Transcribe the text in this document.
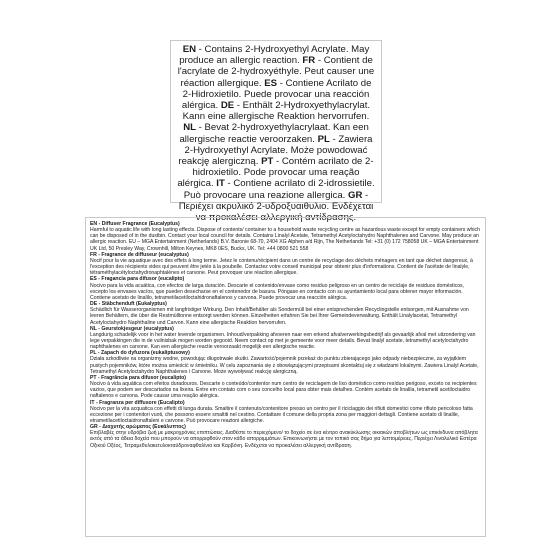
EN - Contains 2-Hydroxyethyl Acrylate. May produce an allergic reaction. FR - Contient de l'acrylate de 2-hydroxyéthyle. Peut causer une réaction allergique. ES - Contiene Acrilato de 2-Hidroxietilo. Puede provocar una reacción alérgica. DE - Enthält 2-Hydroxyethylacrylat. Kann eine allergische Reaktion hervorrufen. NL - Bevat 2-hydroxyethylacrylaat. Kan een allergische reactie veroorzaken. PL - Zawiera 2-Hydroxyethyl Acrylate. Może powodować reakcję alergiczną. PT - Contém acrilato de 2-hidroxietilo. Pode provocar uma reação alérgica. IT - Contiene acrilato di 2-idrossietile. Può provocare una reazione allergica. GR - Περιέχει ακρυλικό 2-υδροξυαιθυλιο. Ενδέχεται να προκαλέσει αλλεργική αντίδρασης.
EN - Diffuser Fragrance (Eucalyptus)
Harmful to aquatic life with long lasting effects. Dispose of contents/ container to a household waste recycling centre as hazardous waste except for empty containers which can be disposed of in the dustbin. Contact your local council for details. Contains Linalyl Acetate, Tetramethyl Acetyloctahydro Naphthalenes and Carvone. May produce an allergic reaction. EU – MGA Entertainment (Netherlands) B.V. Baronie 68-70, 2404 XG Alphen a/d Rijn, The Netherlands Tel: +31 (0) 172 758058 UK – MGA Entertainment UK Ltd, 50 Presley Way, Crownhill, Milton Keynes, MK8 0ES, Bucks, UK. Tel: +44 0800 521 558
FR - Fragrance de diffuseur (eucalyptus)
Nocif pour la vie aquatique avec des effets à long terme. Jetez le contenu/récipient dans un centre de recyclage des déchets ménagers en tant que déchet dangereux, à l'exception des récipients vides qui peuvent être jetés à la poubelle. Contactez votre conseil municipal pour obtenir plus d'informations. Contient de l'acétate de linalyle, tétraméthylacétyloctahydronaphtalènes et carvone. Peut provoquer une réaction allergique.
ES - Fragancia para difusor (eucalipto)
Nocivo para la vida acuática, con efectos de larga duración. Descarte el contenido/envase como residuo peligroso en un centro de reciclaje de residuos domésticos, excepto los envases vacíos, que pueden desecharse en el contenedor de basura. Póngase en contacto con su ayuntamiento local para obtener mayor información. Contiene acetato de linalilo, tetrametilacetiloctahidronaftalenos y carvona. Puede provocar una reacción alérgica.
DE - Stäbchenduft (Eukalyptus)
Schädlich für Wasserorganismen mit langfristiger Wirkung. Den Inhalt/Behälter als Sondermüll bei einer entsprechenden Recyclingstelle entsorgen, mit Ausnahme von leeren Behältern, die über die Restmülltonne entsorgt werden können. Einzelheiten erfahren Sie bei Ihrer Gemeindeverwaltung. Enthält Linalylacetat, Tetramethyl Acetyloctahydro Naphthaline und Carvon. Kann eine allergische Reaktion hervorrufen.
NL - Geurstokjesgeur (eucalyptus)
Langdurig schadelijk voor in het water levende organismen. Inhoud/verpakking afvoeren naar een erkend afvalverwerkingsbedrijf als gevaarlijk afval met uitzondering van lege verpakkingen die in de vuilnisbak mogen worden gegooid. Neem contact op met je gemeente voor meer details. Bevat linalyl acetate, tetramethyl acetyloctahydro naphthalenes en carvone. Kan een allergische reactie veroorzaakt mogelijk een allergische reactie.
PL - Zapach do dyfuzora (eukaliptusowy)
Działa szkodliwie na organizmy wodne, powodując długotrwałe skutki. Zawartość/pojemnik przekaż do punktu zbierającego jako odpady niebezpieczne, za wyjątkiem pustych pojemników, które można umieścić w śmietniku. W celu zapoznania się z obowiązującymi przepisami skontaktuj się z władzami lokalnymi. Zawiera Linalyl Acetate, Tetramethyl Acetyloctahydro Naphthalenes i Carvone. Może wywoływać reakcję alergiczną.
PT - Fragrância para difusor (eucalipto)
Nocivo à vida aquática com efeitos duradouros. Descarte o conteúdo/contentor num centro de reciclagem de lixo doméstico como resíduo perigoso, exceto os recipientes vazios, que podem ser descartados na lixeira. Entre em contato com o seu concelho local para obter mais detalhes. Contém acetato de linalila, tetrametil acetiloctaidro naftalenos e carvona. Pode causar uma reação alérgica.
IT - Fragranza per diffusore (Eucalipto)
Nocivo per la vita acquatica con effetti di lunga durata. Smaltire il contenuto/contenitore presso un centro per il riciclaggio dei rifiuti domestici come rifiuto pericoloso fatta eccezione per i contenitori vuoti, che possono essere smaltiti nel cestino. Contattare il comune della propria zona per maggiori dettagli. Contiene acetato di linalile, etrametilacetiloctaidronaftaleni e carvone. Può provocare reazioni allergiche.
GR - Διαχυτής αρώματος (Ευκάλυπτος)
Επιβλαβές στην υδρόβια ζωή με μακροχρόνιες επιπτώσεις. Διαθέστε το περιεχόμενο/ το δοχείο σε ένα κέντρο ανακύκλωσης οικιακών αποβλήτων ως επικίνδυνα απόβλητα εκτός από τα άδεια δοχεία που μπορούν να απορριφθούν στον κάδο απορριμμάτων. Επικοινωνήστε με τον τοπικό σας δήμο για λεπτομέρειες. Περιέχει Λιναλυλικό Εστέρα Οξικού Οξέος, Τετραμεθυλακετυλοκταϋδροναφθαλίνια και Καρβόνη. Ενδέχεται να προκαλέσει αλλεργική αντίδραση.
